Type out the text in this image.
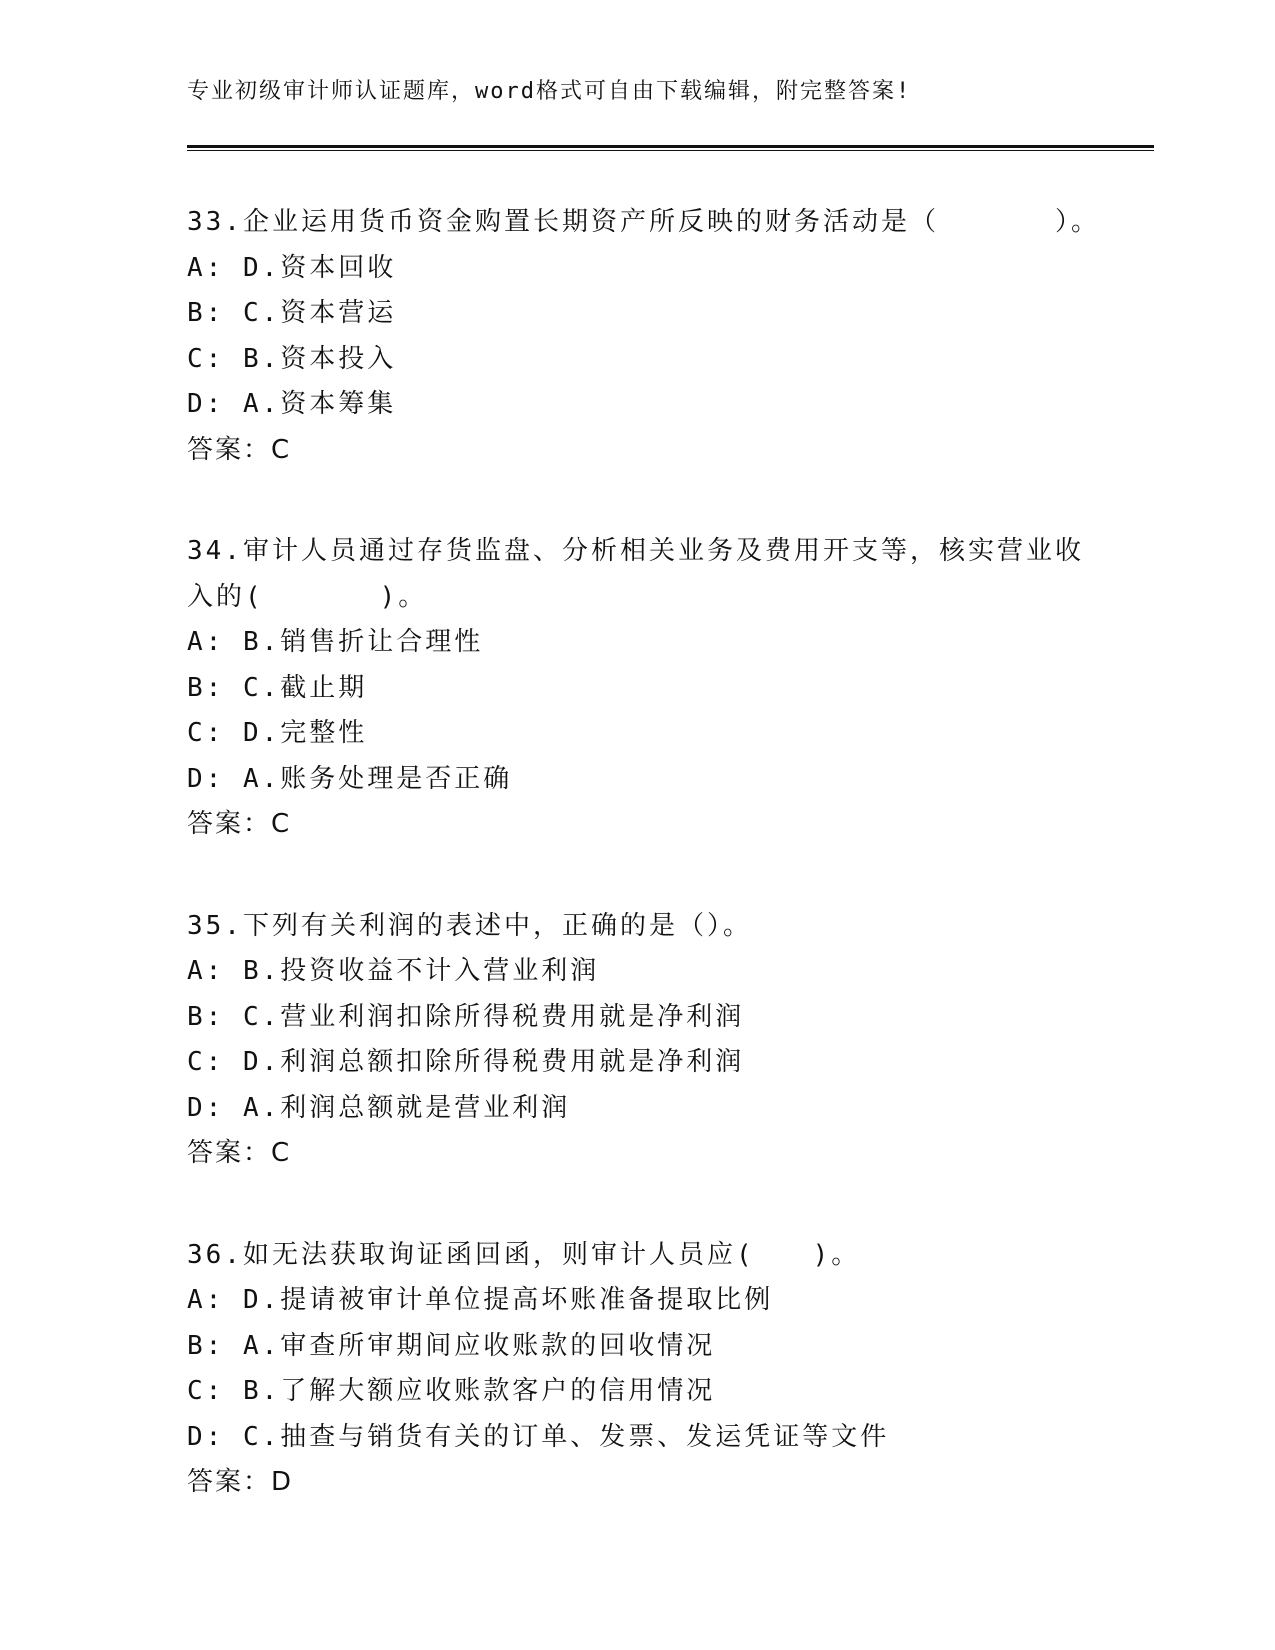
专业初级审计师认证题库，word格式可自由下载编辑，附完整答案!
33.企业运用货币资金购置长期资产所反映的财务活动是（　　　　）。
A: D.资本回收
B: C.资本营运
C: B.资本投入
D: A.资本筹集
答案：C
34.审计人员通过存货监盘、分析相关业务及费用开支等，核实营业收
入的(　　　　)。
A: B.销售折让合理性
B: C.截止期
C: D.完整性
D: A.账务处理是否正确
答案：C
35.下列有关利润的表述中，正确的是（）。
A: B.投资收益不计入营业利润
B: C.营业利润扣除所得税费用就是净利润
C: D.利润总额扣除所得税费用就是净利润
D: A.利润总额就是营业利润
答案：C
36.如无法获取询证函回函，则审计人员应(　　)。
A: D.提请被审计单位提高坏账准备提取比例
B: A.审查所审期间应收账款的回收情况
C: B.了解大额应收账款客户的信用情况
D: C.抽查与销货有关的订单、发票、发运凭证等文件
答案：D
